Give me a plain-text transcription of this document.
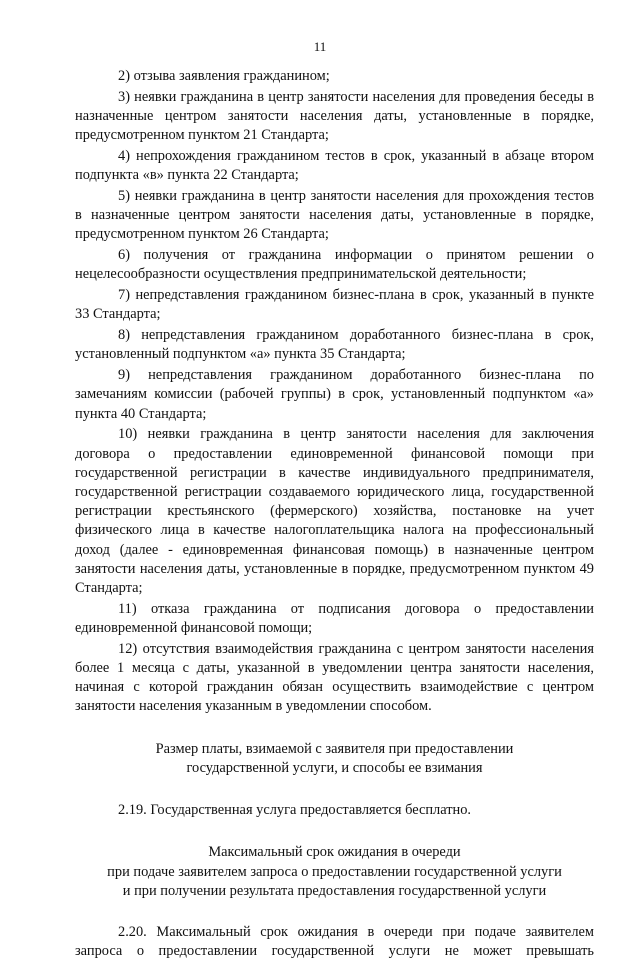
11

2) отзыва заявления гражданином;

3) неявки гражданина в центр занятости населения для проведения беседы в назначенные центром занятости населения даты, установленные в порядке, предусмотренном пунктом 21 Стандарта;

4) непрохождения гражданином тестов в срок, указанный в абзаце втором подпункта «в» пункта 22 Стандарта;

5) неявки гражданина в центр занятости населения для прохождения тестов в назначенные центром занятости населения даты, установленные в порядке, предусмотренном пунктом 26 Стандарта;

6) получения от гражданина информации о принятом решении о нецелесообразности осуществления предпринимательской деятельности;

7) непредставления гражданином бизнес-плана в срок, указанный в пункте 33 Стандарта;

8) непредставления гражданином доработанного бизнес-плана в срок, установленный подпунктом «а» пункта 35 Стандарта;

9) непредставления гражданином доработанного бизнес-плана по замечаниям комиссии (рабочей группы) в срок, установленный подпунктом «а» пункта 40 Стандарта;

10) неявки гражданина в центр занятости населения для заключения договора о предоставлении единовременной финансовой помощи при государственной регистрации в качестве индивидуального предпринимателя, государственной регистрации создаваемого юридического лица, государственной регистрации крестьянского (фермерского) хозяйства, постановке на учет физического лица в качестве налогоплательщика налога на профессиональный доход (далее - единовременная финансовая помощь) в назначенные центром занятости населения даты, установленные в порядке, предусмотренном пунктом 49 Стандарта;

11) отказа гражданина от подписания договора о предоставлении единовременной финансовой помощи;

12) отсутствия взаимодействия гражданина с центром занятости населения более 1 месяца с даты, указанной в уведомлении центра занятости населения, начиная с которой гражданин обязан осуществить взаимодействие с центром занятости населения указанным в уведомлении способом.

Размер платы, взимаемой с заявителя при предоставлении

государственной услуги, и способы ее взимания

2.19. Государственная услуга предоставляется бесплатно.

Максимальный срок ожидания в очереди

при подаче заявителем запроса о предоставлении государственной услуги

и при получении результата предоставления государственной услуги

2.20. Максимальный срок ожидания в очереди при подаче заявителем запроса о предоставлении государственной услуги не может превышать
